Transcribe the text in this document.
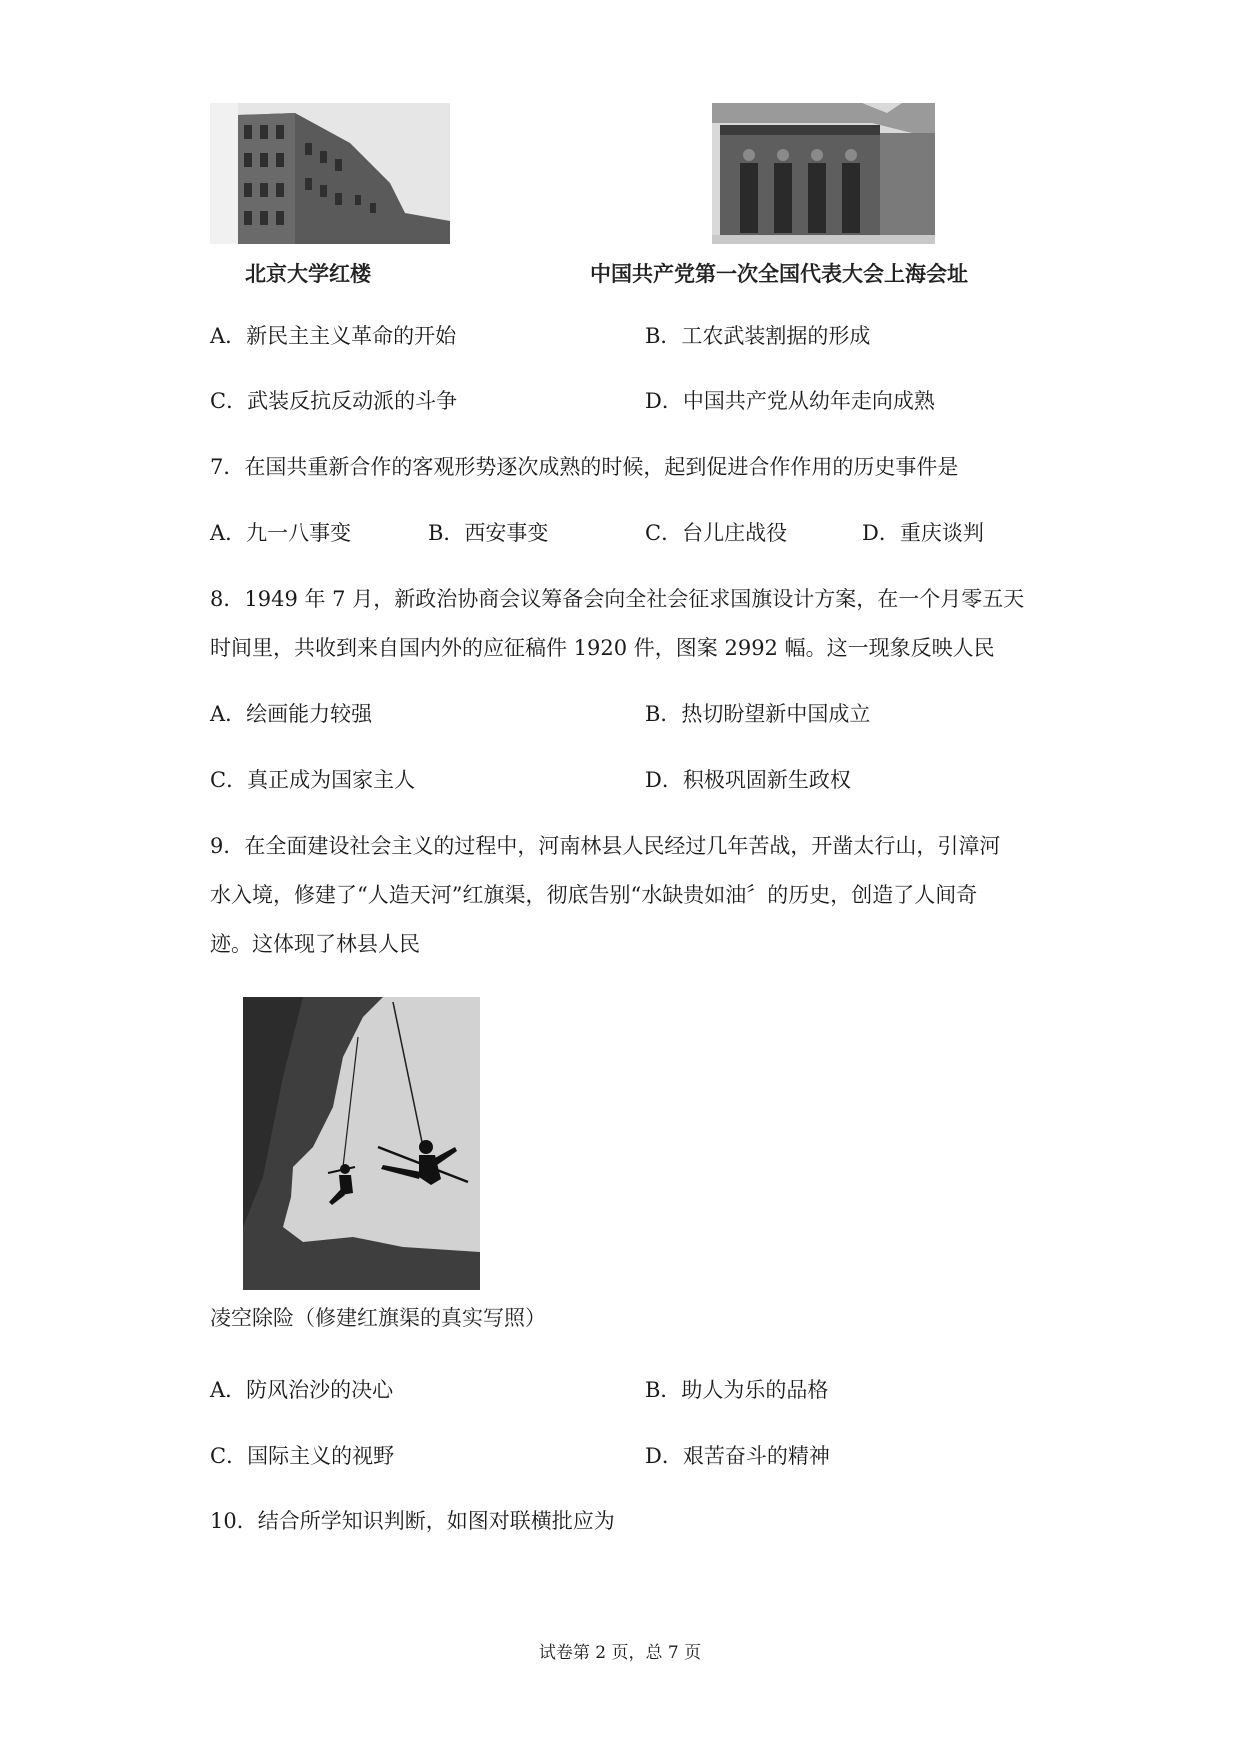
北京大学红楼	中国共产党第一次全国代表大会上海会址
A．新民主主义革命的开始	B．工农武装割据的形成
C．武装反抗反动派的斗争	D．中国共产党从幼年走向成熟
7．在国共重新合作的客观形势逐次成熟的时候，起到促进合作作用的历史事件是
A．九一八事变	B．西安事变	C．台儿庄战役	D．重庆谈判
8．1949 年 7 月，新政治协商会议筹备会向全社会征求国旗设计方案，在一个月零五天
时间里，共收到来自国内外的应征稿件 1920 件，图案 2992 幅。这一现象反映人民
A．绘画能力较强	B．热切盼望新中国成立
C．真正成为国家主人	D．积极巩固新生政权
9．在全面建设社会主义的过程中，河南林县人民经过几年苦战，开凿太行山，引漳河
水入境，修建了“人造天河”红旗渠，彻底告别“水缺贵如油〞的历史，创造了人间奇
迹。这体现了林县人民
凌空除险（修建红旗渠的真实写照）
A．防风治沙的决心	B．助人为乐的品格
C．国际主义的视野	D．艰苦奋斗的精神
10．结合所学知识判断，如图对联横批应为
试卷第 2 页，总 7 页
